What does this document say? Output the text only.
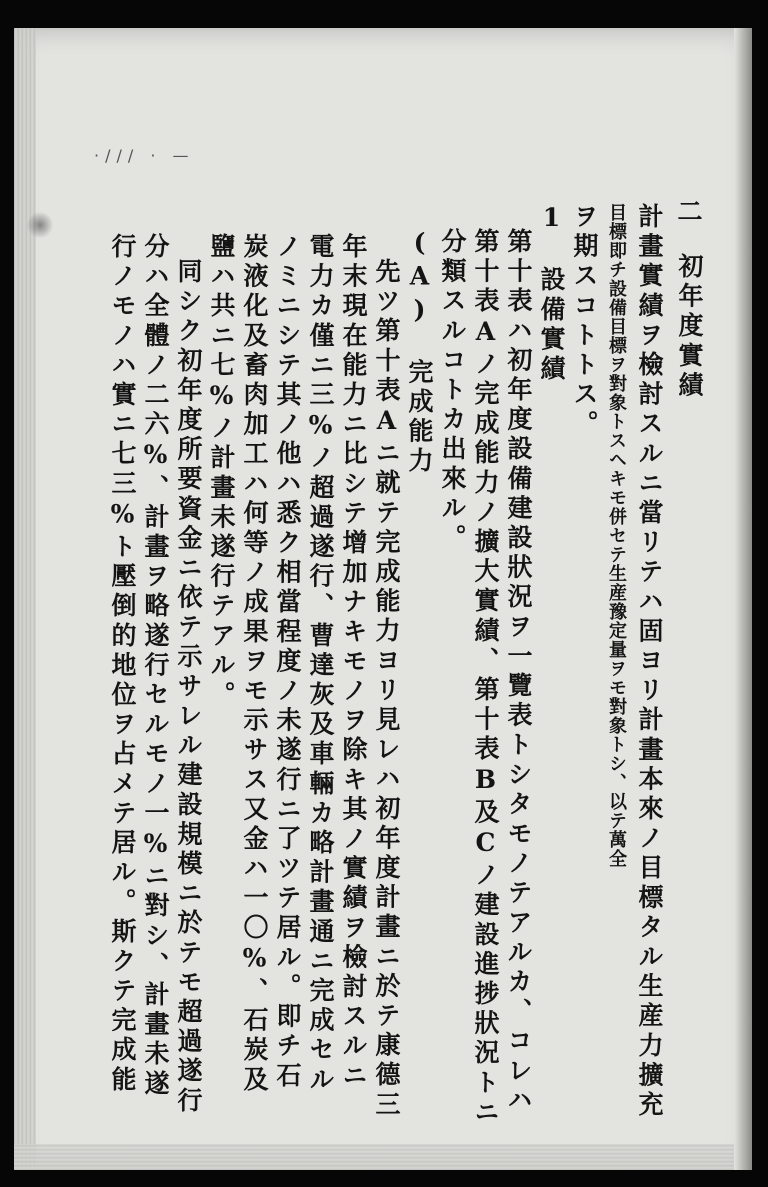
·/// · —
二
初年度實績
計畫實績ヲ檢討スルニ當リテハ固ヨリ計畫本來ノ目標タル生産力擴充
目標即チ設備目標ヲ對象トスヘキモ併セテ生産豫定量ヲモ對象トシ、以テ萬全
ヲ期スコトトス。
1　設備實績
第十表ハ初年度設備建設狀況ヲ一覽表トシタモノテアルカ、コレハ
第十表Aノ完成能力ノ擴大實績、第十表B及Cノ建設進捗狀況トニ
分類スルコトカ出來ル。
(A)　完成能力
先ツ第十表Aニ就テ完成能力ヨリ見レハ初年度計畫ニ於テ康德三
年末現在能力ニ比シテ增加ナキモノヲ除キ其ノ實績ヲ檢討スルニ
電力カ僅ニ三%ノ超過遂行、曹達灰及車輛カ略計畫通ニ完成セル
ノミニシテ其ノ他ハ悉ク相當程度ノ未遂行ニ了ツテ居ル。即チ石
炭液化及畜肉加工ハ何等ノ成果ヲモ示サス又金ハ一〇%、石炭及
鹽ハ共ニ七%ノ計畫未遂行テアル。
同シク初年度所要資金ニ依テ示サレル建設規模ニ於テモ超過遂行
分ハ全體ノ二六%、計畫ヲ略遂行セルモノ一%ニ對シ、計畫未遂
行ノモノハ實ニ七三%ト壓倒的地位ヲ占メテ居ル。斯クテ完成能
